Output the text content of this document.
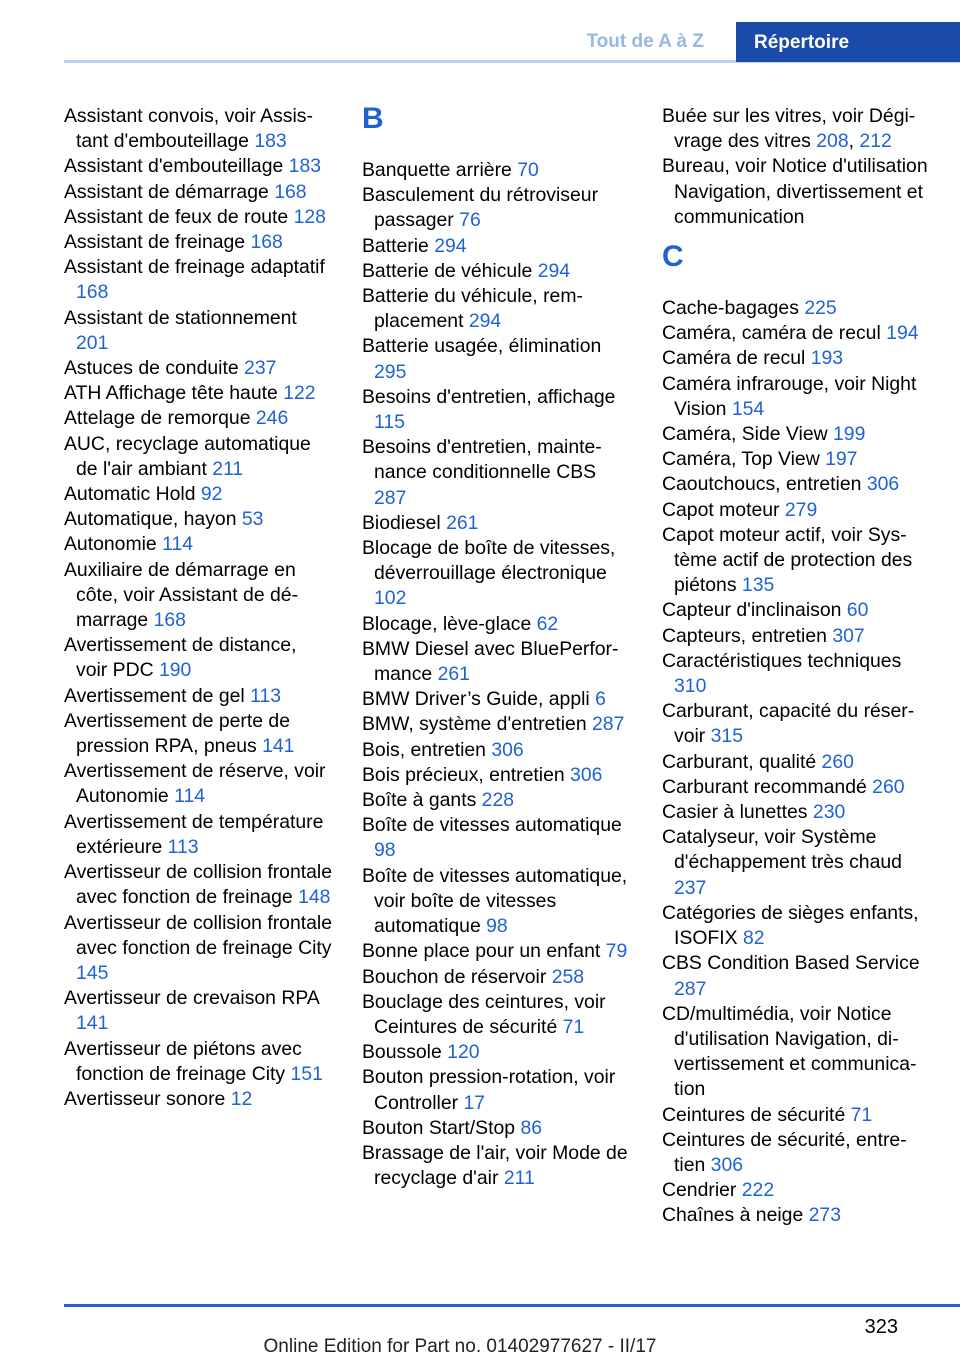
Tout de A à Z	Répertoire

Assistant convois, voir Assistant d'embouteillage 183

Assistant d'embouteillage 183

Assistant de démarrage 168

Assistant de feux de route 128

Assistant de freinage 168

Assistant de freinage adaptatif 168

Assistant de stationnement 201

Astuces de conduite 237

ATH Affichage tête haute 122

Attelage de remorque 246

AUC, recyclage automatique de l'air ambiant 211

Automatic Hold 92

Automatique, hayon 53

Autonomie 114

Auxiliaire de démarrage en côte, voir Assistant de démarrage 168

Avertissement de distance, voir PDC 190

Avertissement de gel 113

Avertissement de perte de pression RPA, pneus 141

Avertissement de réserve, voir Autonomie 114

Avertissement de température extérieure 113

Avertisseur de collision frontale avec fonction de freinage 148

Avertisseur de collision frontale avec fonction de freinage City 145

Avertisseur de crevaison RPA 141

Avertisseur de piétons avec fonction de freinage City 151

Avertisseur sonore 12

B

Banquette arrière 70

Basculement du rétroviseur passager 76

Batterie 294

Batterie de véhicule 294

Batterie du véhicule, remplacement 294

Batterie usagée, élimination 295

Besoins d'entretien, affichage 115

Besoins d'entretien, maintenance conditionnelle CBS 287

Biodiesel 261

Blocage de boîte de vitesses, déverrouillage électronique 102

Blocage, lève-glace 62

BMW Diesel avec BluePerformance 261

BMW Driver’s Guide, appli 6

BMW, système d'entretien 287

Bois, entretien 306

Bois précieux, entretien 306

Boîte à gants 228

Boîte de vitesses automatique 98

Boîte de vitesses automatique, voir boîte de vitesses automatique 98

Bonne place pour un enfant 79

Bouchon de réservoir 258

Bouclage des ceintures, voir Ceintures de sécurité 71

Boussole 120

Bouton pression-rotation, voir Controller 17

Bouton Start/Stop 86

Brassage de l'air, voir Mode de recyclage d'air 211

Buée sur les vitres, voir Dégivrage des vitres 208, 212

Bureau, voir Notice d'utilisation Navigation, divertissement et communication

C

Cache-bagages 225

Caméra, caméra de recul 194

Caméra de recul 193

Caméra infrarouge, voir Night Vision 154

Caméra, Side View 199

Caméra, Top View 197

Caoutchoucs, entretien 306

Capot moteur 279

Capot moteur actif, voir Système actif de protection des piétons 135

Capteur d'inclinaison 60

Capteurs, entretien 307

Caractéristiques techniques 310

Carburant, capacité du réservoir 315

Carburant, qualité 260

Carburant recommandé 260

Casier à lunettes 230

Catalyseur, voir Système d'échappement très chaud 237

Catégories de sièges enfants, ISOFIX 82

CBS Condition Based Service 287

CD/multimédia, voir Notice d'utilisation Navigation, divertissement et communication

Ceintures de sécurité 71

Ceintures de sécurité, entretien 306

Cendrier 222

Chaînes à neige 273

323
Online Edition for Part no. 01402977627 - II/17
